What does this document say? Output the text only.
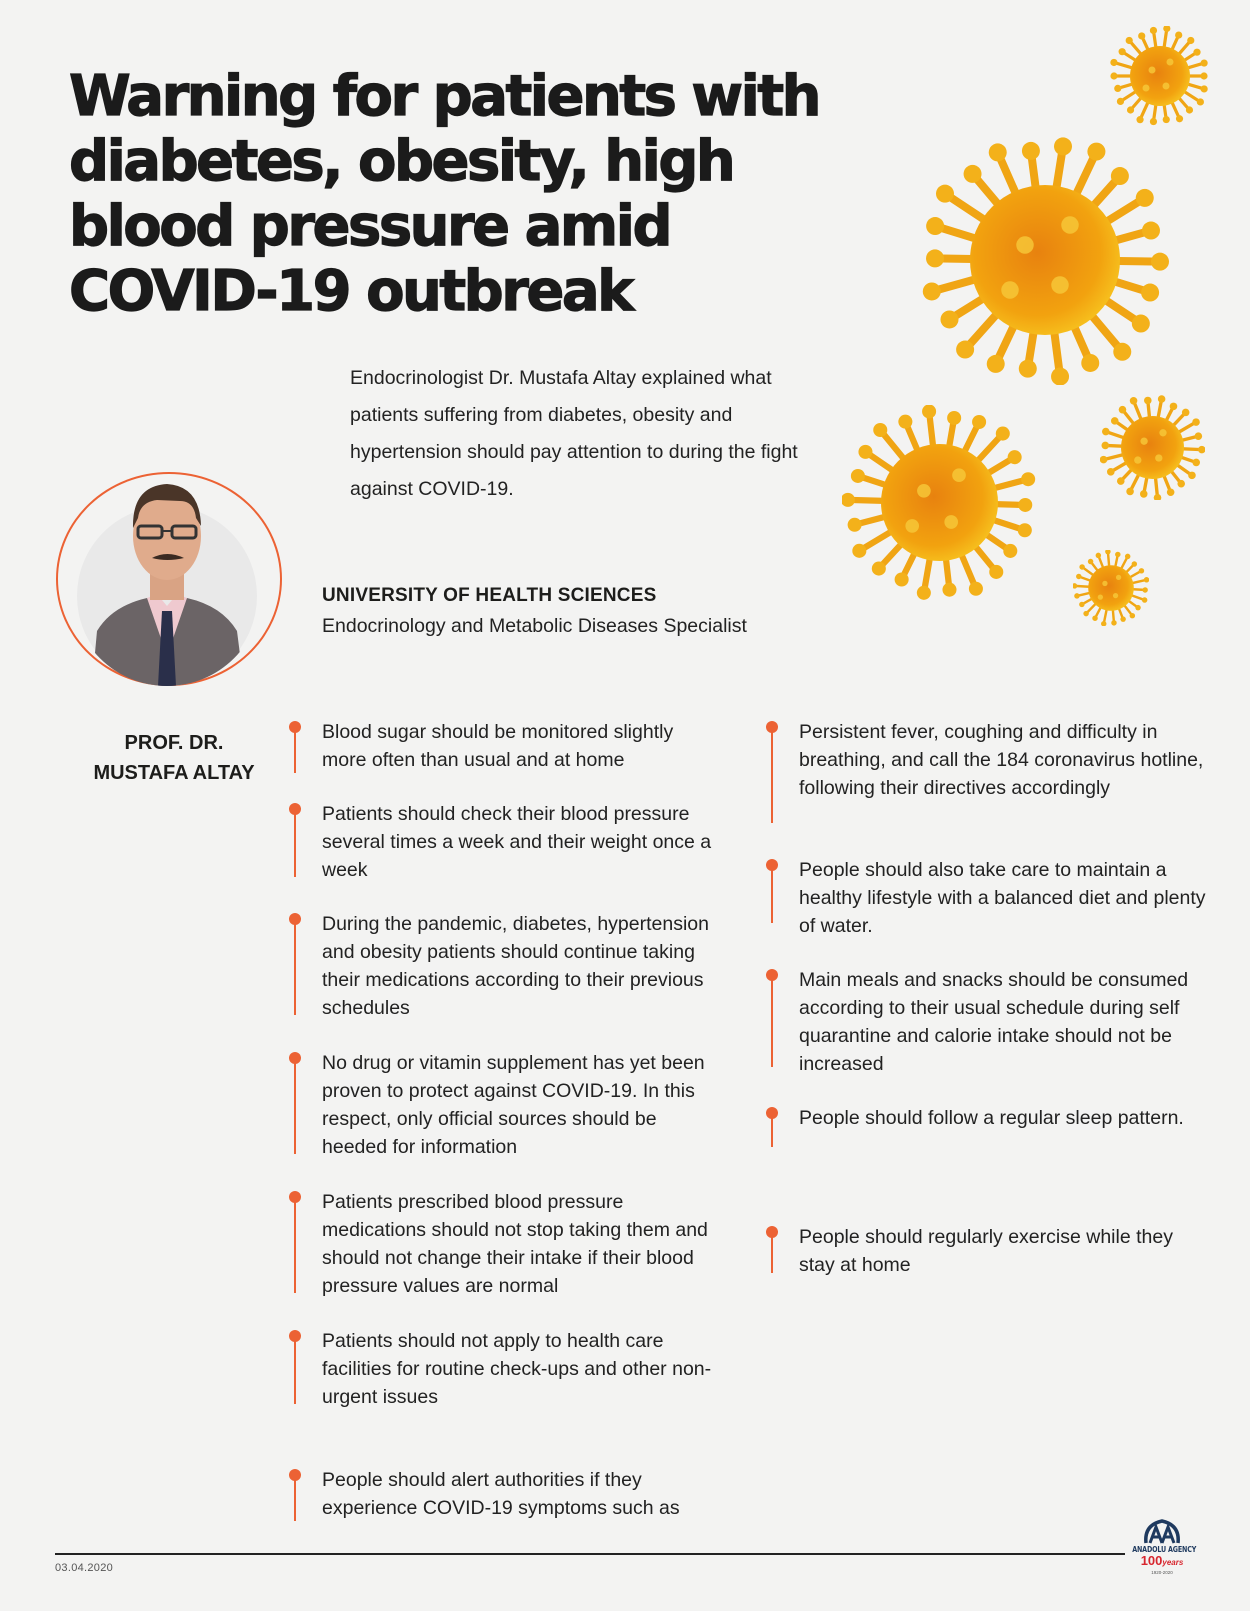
Warning for patients with diabetes, obesity, high blood pressure amid COVID-19 outbreak

Endocrinologist Dr. Mustafa Altay explained what patients suffering from diabetes, obesity and hypertension should pay attention to during the fight against COVID-19.

UNIVERSITY OF HEALTH SCIENCES
Endocrinology and Metabolic Diseases Specialist
PROF. DR.
MUSTAFA ALTAY
Blood sugar should be monitored slightly more often than usual and at home
Patients should check their blood pressure several times a week and their weight once a week
During the pandemic, diabetes, hypertension and obesity patients should continue taking their medications according to their previous schedules
No drug or vitamin supplement has yet been proven to protect against COVID-19. In this respect, only official sources should be heeded for information
Patients prescribed blood pressure medications should not stop taking them and should not change their intake if their blood pressure values are normal
Patients should not apply to health care facilities for routine check-ups and other non-urgent issues
People should alert authorities if they experience COVID-19 symptoms such as
Persistent fever, coughing and difficulty in breathing, and call the 184 coronavirus hotline, following their directives accordingly
People should also take care to maintain a healthy lifestyle with a balanced diet and plenty of water.
Main meals and snacks should be consumed according to their usual schedule during self quarantine and calorie intake should not be increased
People should follow a regular sleep pattern.
People should regularly exercise while they stay at home
03.04.2020
ANADOLU AGENCY
100years
1920-2020
